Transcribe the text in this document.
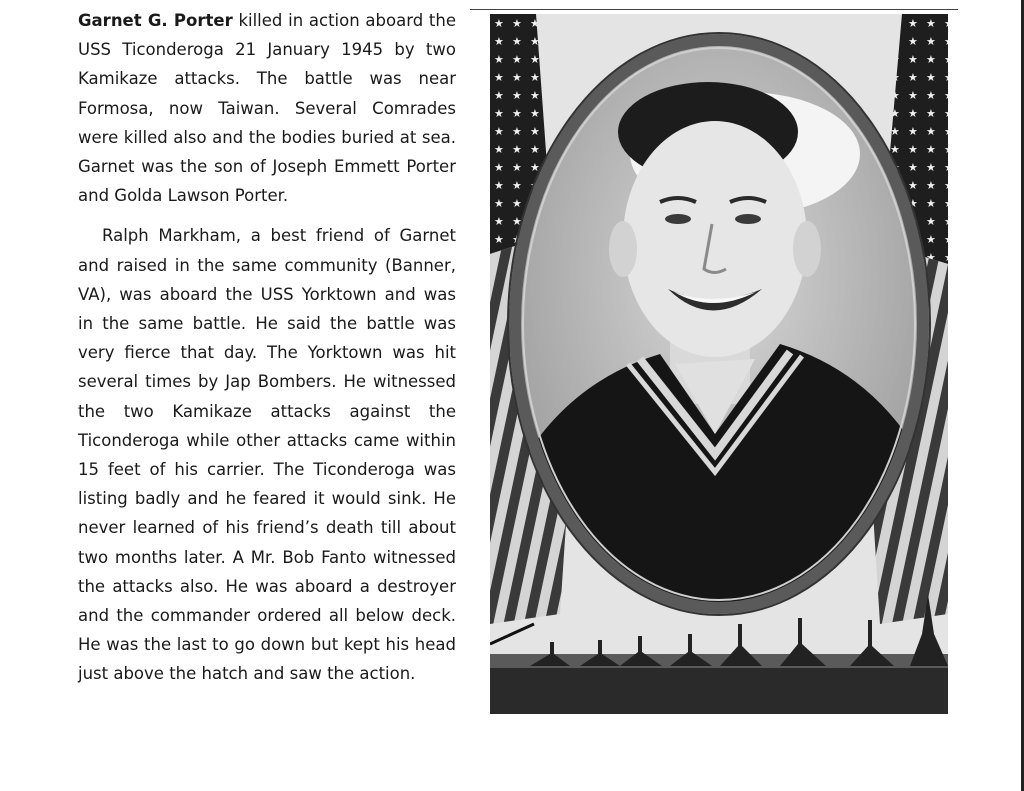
Garnet G. Porter killed in action aboard the USS Ticonderoga 21 January 1945 by two Kamikaze attacks. The battle was near Formosa, now Taiwan. Several Comrades were killed also and the bodies buried at sea. Garnet was the son of Joseph Emmett Porter and Golda Lawson Porter.

Ralph Markham, a best friend of Garnet and raised in the same community (Banner, VA), was aboard the USS Yorktown and was in the same battle. He said the battle was very fierce that day. The Yorktown was hit several times by Jap Bombers. He witnessed the two Kamikaze attacks against the Ticonderoga while other attacks came within 15 feet of his carrier. The Ticonderoga was listing badly and he feared it would sink. He never learned of his friend’s death till about two months later. A Mr. Bob Fanto witnessed the attacks also. He was aboard a destroyer and the commander ordered all below deck. He was the last to go down but kept his head just above the hatch and saw the action.
